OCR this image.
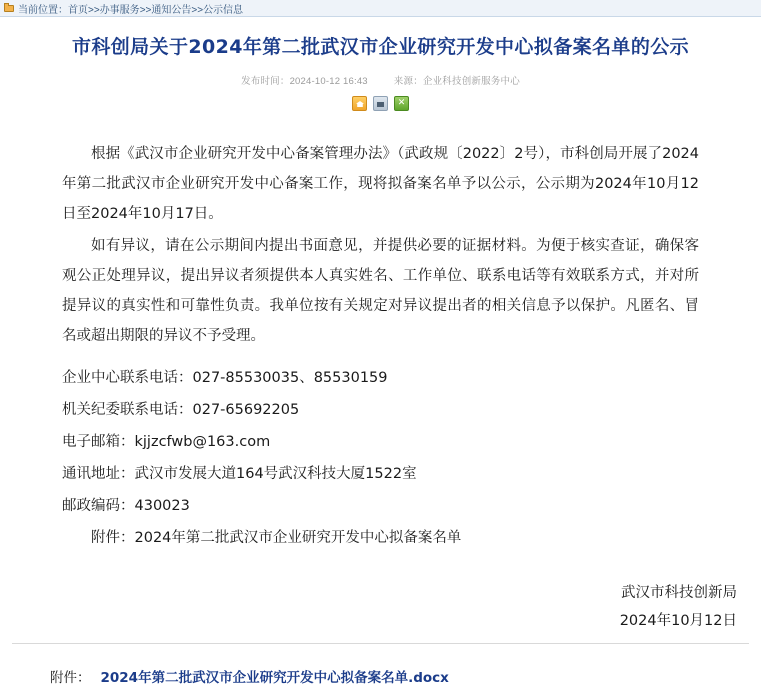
当前位置：首页>>办事服务>>通知公告>>公示信息
市科创局关于2024年第二批武汉市企业研究开发中心拟备案名单的公示
发布时间：2024-10-12 16:43	来源：企业科技创新服务中心
✕

根据《武汉市企业研究开发中心备案管理办法》（武政规〔2022〕2号），市科创局开展了2024年第二批武汉市企业研究开发中心备案工作，现将拟备案名单予以公示，公示期为2024年10月12日至2024年10月17日。

如有异议，请在公示期间内提出书面意见，并提供必要的证据材料。为便于核实查证，确保客观公正处理异议，提出异议者须提供本人真实姓名、工作单位、联系电话等有效联系方式，并对所提异议的真实性和可靠性负责。我单位按有关规定对异议提出者的相关信息予以保护。凡匿名、冒名或超出期限的异议不予受理。

企业中心联系电话：027-85530035、85530159

机关纪委联系电话：027-65692205

电子邮箱：kjjzcfwb@163.com

通讯地址：武汉市发展大道164号武汉科技大厦1522室

邮政编码：430023

附件：2024年第二批武汉市企业研究开发中心拟备案名单

武汉市科技创新局
2024年10月12日
附件： 2024年第二批武汉市企业研究开发中心拟备案名单.docx
